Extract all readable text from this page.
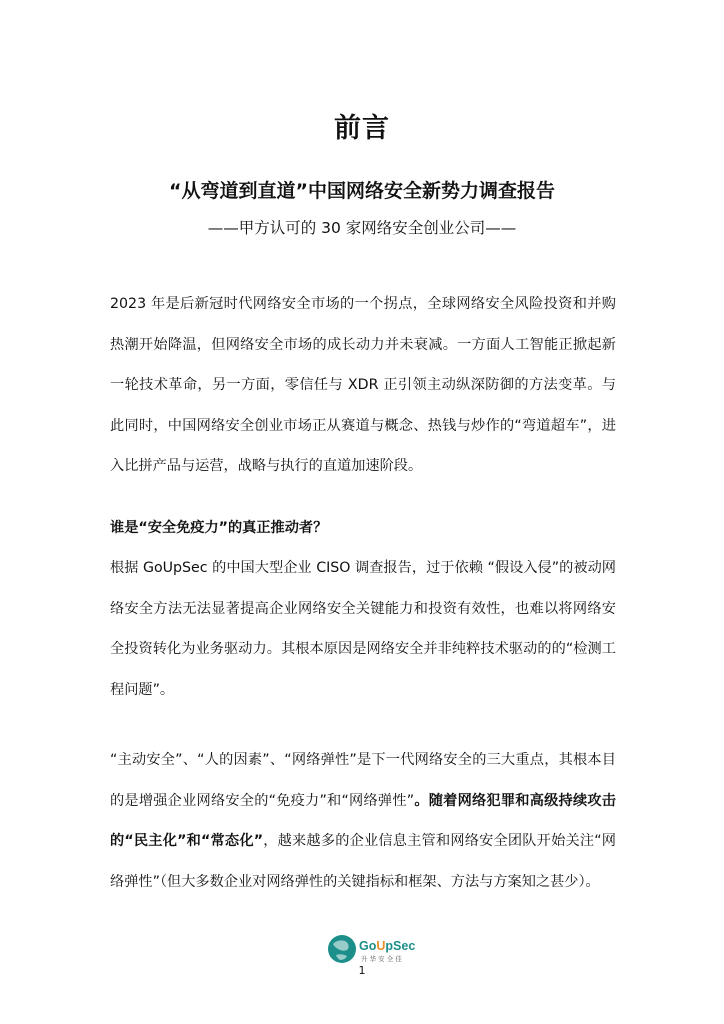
前言
“从弯道到直道”中国网络安全新势力调查报告
——甲方认可的 30 家网络安全创业公司——

2023 年是后新冠时代网络安全市场的一个拐点，全球网络安全风险投资和并购热潮开始降温，但网络安全市场的成长动力并未衰减。一方面人工智能正掀起新一轮技术革命，另一方面，零信任与 XDR 正引领主动纵深防御的方法变革。与此同时，中国网络安全创业市场正从赛道与概念、热钱与炒作的“弯道超车”，进入比拼产品与运营，战略与执行的直道加速阶段。

谁是“安全免疫力”的真正推动者？

根据 GoUpSec 的中国大型企业 CISO 调查报告，过于依赖 “假设入侵”的被动网络安全方法无法显著提高企业网络安全关键能力和投资有效性，也难以将网络安全投资转化为业务驱动力。其根本原因是网络安全并非纯粹技术驱动的的“检测工程问题”。

“主动安全”、“人的因素”、“网络弹性”是下一代网络安全的三大重点，其根本目的是增强企业网络安全的“免疫力”和“网络弹性”。随着网络犯罪和高级持续攻击的“民主化”和“常态化”，越来越多的企业信息主管和网络安全团队开始关注“网络弹性”（但大多数企业对网络弹性的关键指标和框架、方法与方案知之甚少）。

GoUpSec
升 华 安 全 佳
1
